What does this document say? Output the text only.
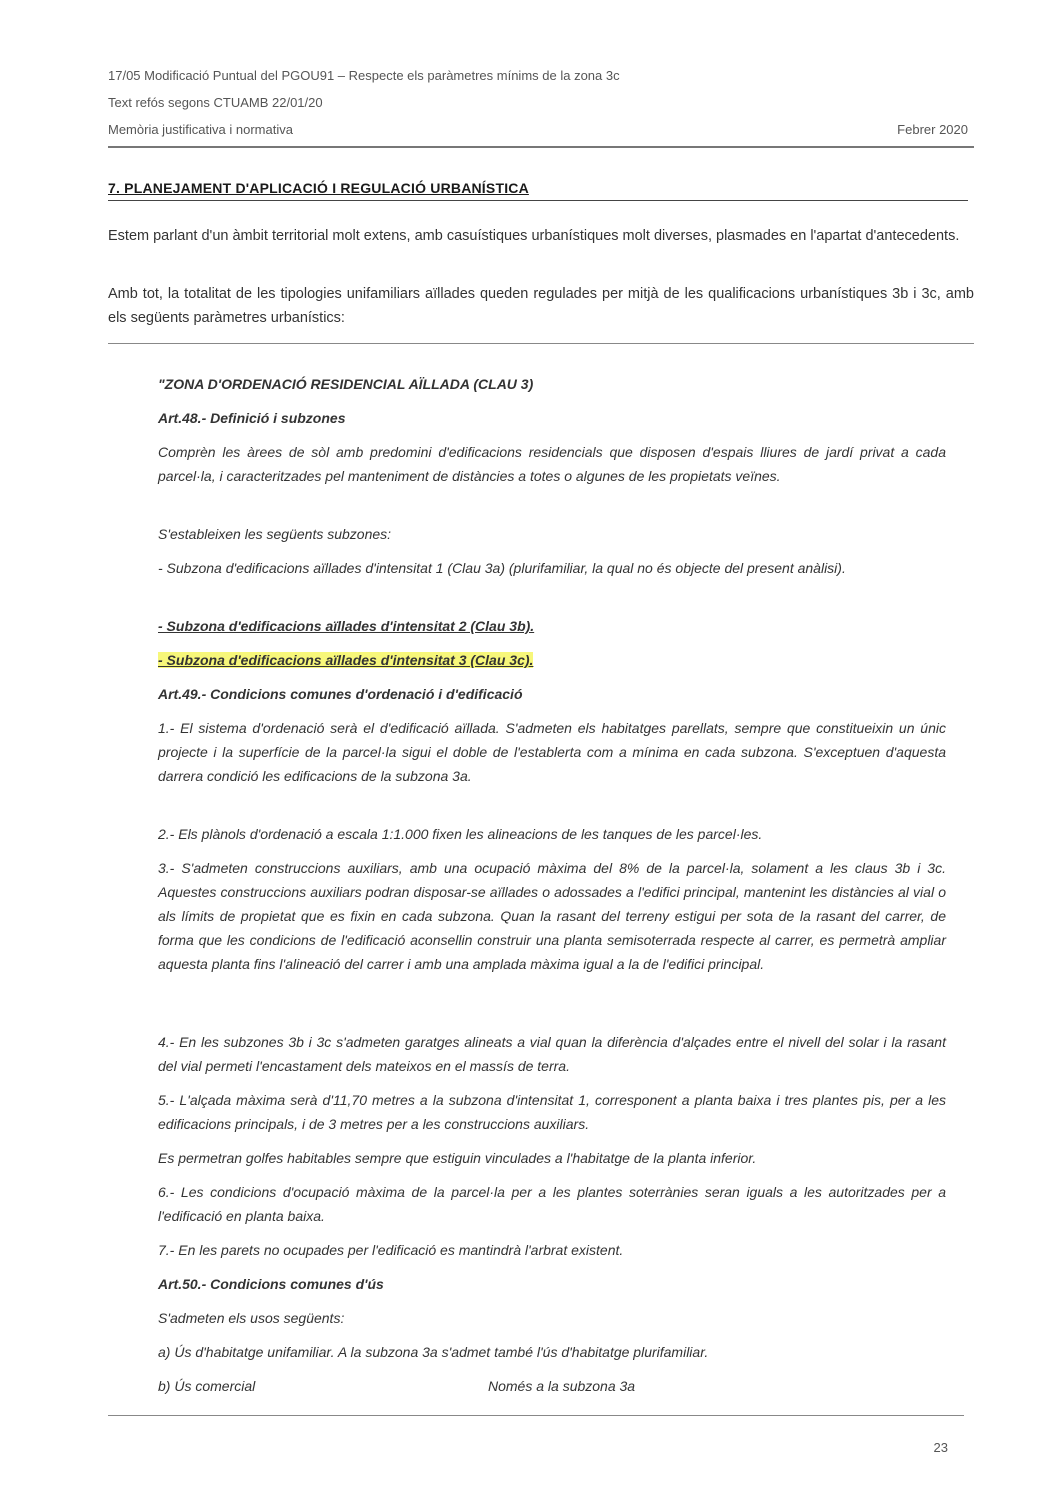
17/05 Modificació Puntual del PGOU91 – Respecte els paràmetres mínims de la zona 3c
Text refós segons CTUAMB 22/01/20
Memòria justificativa i normativa	Febrer 2020
7. PLANEJAMENT D'APLICACIÓ I REGULACIÓ URBANÍSTICA
Estem parlant d'un àmbit territorial molt extens, amb casuístiques urbanístiques molt diverses, plasmades en l'apartat d'antecedents.
Amb tot, la totalitat de les tipologies unifamiliars aïllades queden regulades per mitjà de les qualificacions urbanístiques 3b i 3c, amb els següents paràmetres urbanístics:
"ZONA D'ORDENACIÓ RESIDENCIAL AÏLLADA (CLAU 3)
Art.48.- Definició i subzones
Comprèn les àrees de sòl amb predomini d'edificacions residencials que disposen d'espais lliures de jardí privat a cada parcel·la, i caracteritzades pel manteniment de distàncies a totes o algunes de les propietats veïnes.
S'estableixen les següents subzones:
- Subzona d'edificacions aïllades d'intensitat 1 (Clau 3a) (plurifamiliar, la qual no és objecte del present anàlisi).
- Subzona d'edificacions aïllades d'intensitat 2 (Clau 3b).
- Subzona d'edificacions aïllades d'intensitat 3 (Clau 3c).
Art.49.- Condicions comunes d'ordenació i d'edificació
1.- El sistema d'ordenació serà el d'edificació aïllada. S'admeten els habitatges parellats, sempre que constitueixin un únic projecte i la superfície de la parcel·la sigui el doble de l'establerta com a mínima en cada subzona. S'exceptuen d'aquesta darrera condició les edificacions de la subzona 3a.
2.- Els plànols d'ordenació a escala 1:1.000 fixen les alineacions de les tanques de les parcel·les.
3.- S'admeten construccions auxiliars, amb una ocupació màxima del 8% de la parcel·la, solament a les claus 3b i 3c. Aquestes construccions auxiliars podran disposar-se aïllades o adossades a l'edifici principal, mantenint les distàncies al vial o als límits de propietat que es fixin en cada subzona. Quan la rasant del terreny estigui per sota de la rasant del carrer, de forma que les condicions de l'edificació aconsellin construir una planta semisoterrada respecte al carrer, es permetrà ampliar aquesta planta fins l'alineació del carrer i amb una amplada màxima igual a la de l'edifici principal.
4.- En les subzones 3b i 3c s'admeten garatges alineats a vial quan la diferència d'alçades entre el nivell del solar i la rasant del vial permeti l'encastament dels mateixos en el massís de terra.
5.- L'alçada màxima serà d'11,70 metres a la subzona d'intensitat 1, corresponent a planta baixa i tres plantes pis, per a les edificacions principals, i de 3 metres per a les construccions auxiliars.
Es permetran golfes habitables sempre que estiguin vinculades a l'habitatge de la planta inferior.
6.- Les condicions d'ocupació màxima de la parcel·la per a les plantes soterrànies seran iguals a les autoritzades per a l'edificació en planta baixa.
7.- En les parets no ocupades per l'edificació es mantindrà l'arbrat existent.
Art.50.- Condicions comunes d'ús
S'admeten els usos següents:
a) Ús d'habitatge unifamiliar. A la subzona 3a s'admet també l'ús d'habitatge plurifamiliar.
b) Ús comercial	Només a la subzona 3a
23
